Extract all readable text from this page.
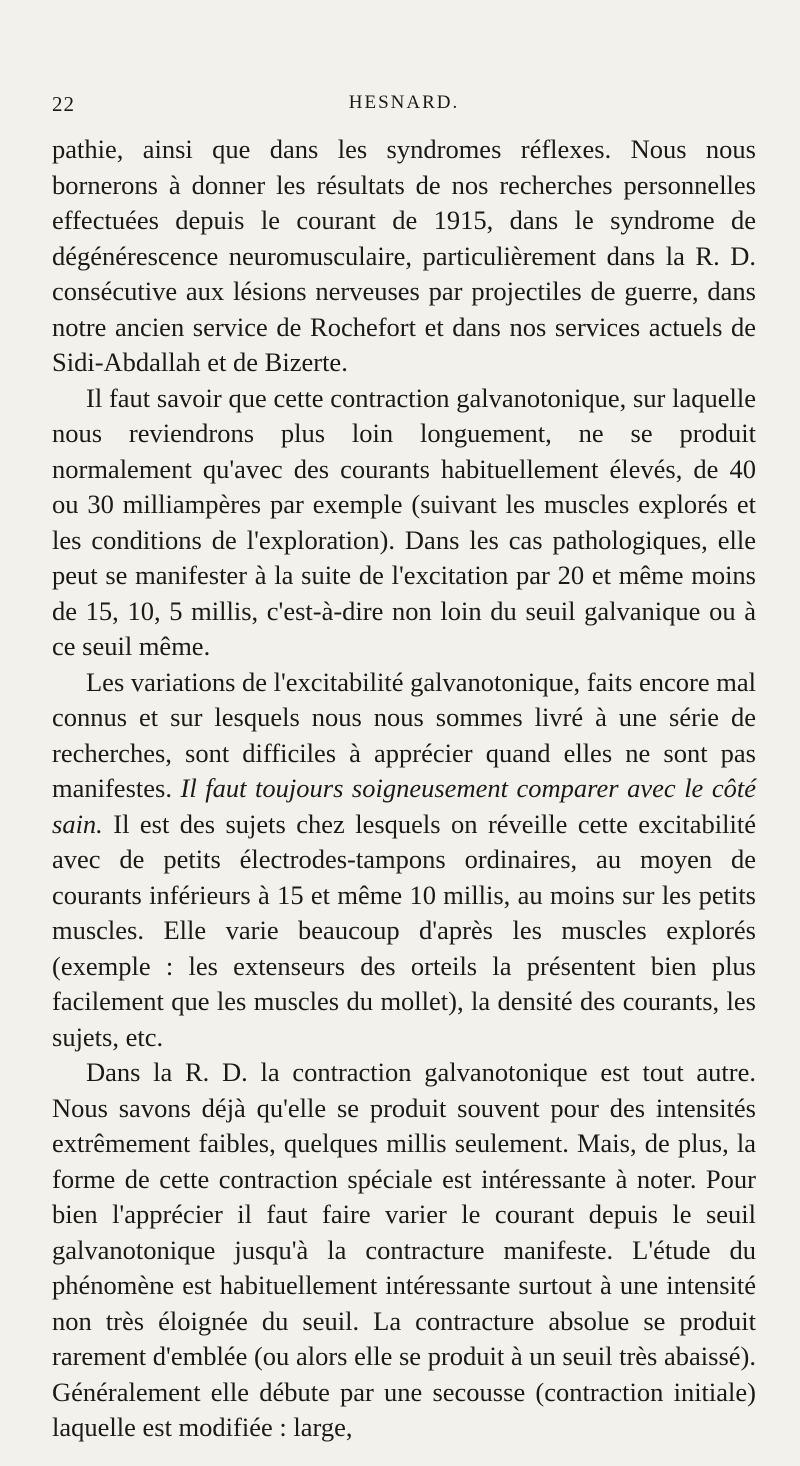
22	HESNARD.

pathie, ainsi que dans les syndromes réflexes. Nous nous bornerons à donner les résultats de nos recherches personnelles effectuées depuis le courant de 1915, dans le syndrome de dégénérescence neuromusculaire, particulièrement dans la R. D. consécutive aux lésions nerveuses par projectiles de guerre, dans notre ancien service de Rochefort et dans nos services actuels de Sidi-Abdallah et de Bizerte.

Il faut savoir que cette contraction galvanotonique, sur laquelle nous reviendrons plus loin longuement, ne se produit normalement qu'avec des courants habituellement élevés, de 40 ou 30 milliampères par exemple (suivant les muscles explorés et les conditions de l'exploration). Dans les cas pathologiques, elle peut se manifester à la suite de l'excitation par 20 et même moins de 15, 10, 5 millis, c'est-à-dire non loin du seuil galvanique ou à ce seuil même.

Les variations de l'excitabilité galvanotonique, faits encore mal connus et sur lesquels nous nous sommes livré à une série de recherches, sont difficiles à apprécier quand elles ne sont pas manifestes. Il faut toujours soigneusement comparer avec le côté sain. Il est des sujets chez lesquels on réveille cette excitabilité avec de petits électrodes-tampons ordinaires, au moyen de courants inférieurs à 15 et même 10 millis, au moins sur les petits muscles. Elle varie beaucoup d'après les muscles explorés (exemple : les extenseurs des orteils la présentent bien plus facilement que les muscles du mollet), la densité des courants, les sujets, etc.

Dans la R. D. la contraction galvanotonique est tout autre. Nous savons déjà qu'elle se produit souvent pour des intensités extrêmement faibles, quelques millis seulement. Mais, de plus, la forme de cette contraction spéciale est intéressante à noter. Pour bien l'apprécier il faut faire varier le courant depuis le seuil galvanotonique jusqu'à la contracture manifeste. L'étude du phénomène est habituellement intéressante surtout à une intensité non très éloignée du seuil. La contracture absolue se produit rarement d'emblée (ou alors elle se produit à un seuil très abaissé). Généralement elle débute par une secousse (contraction initiale) laquelle est modifiée : large,
